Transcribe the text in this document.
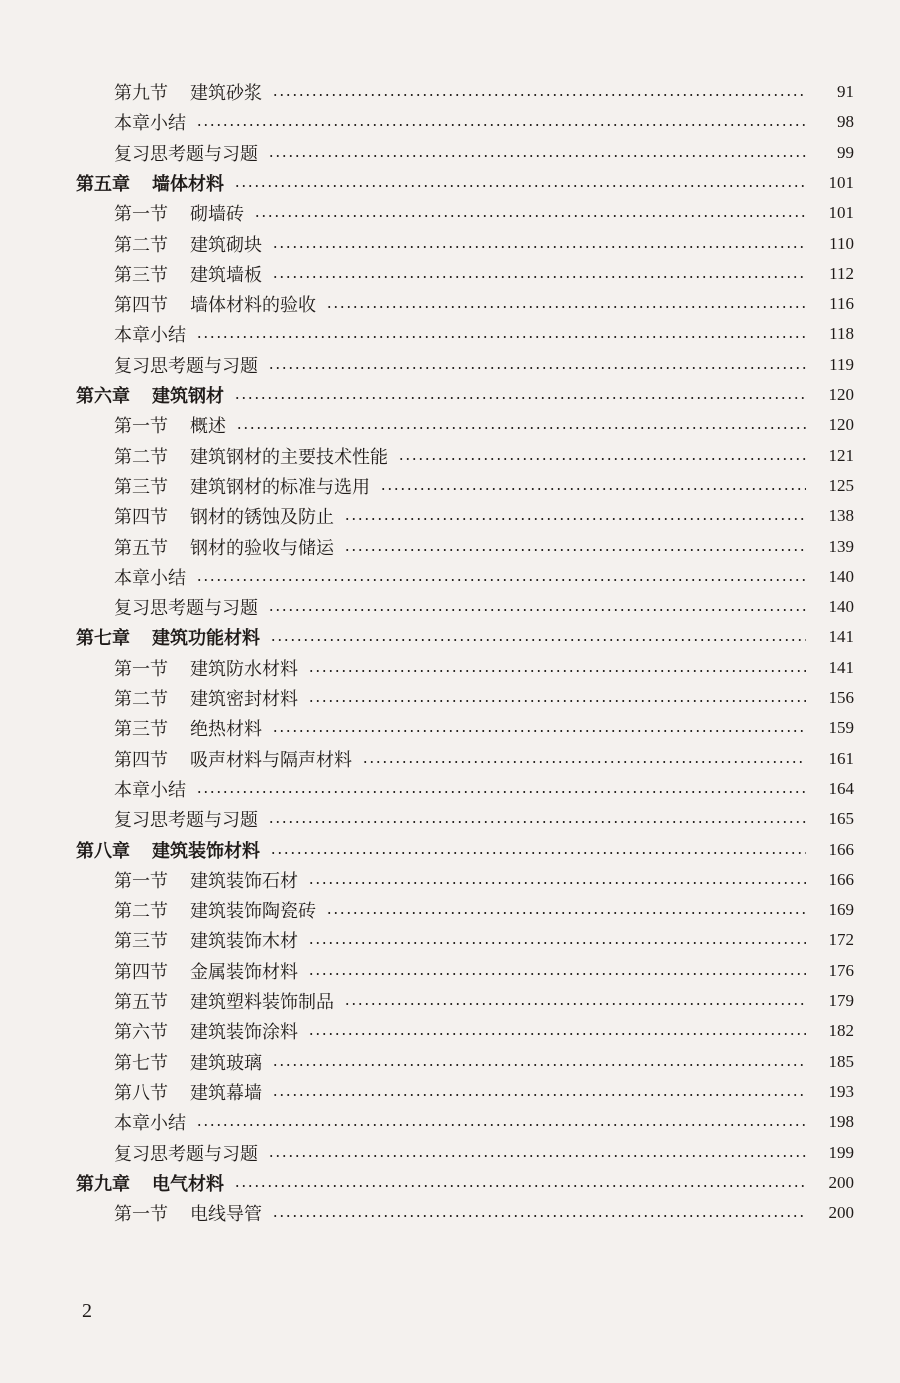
第九节 建筑砂浆	91
本章小结	98
复习思考题与习题	99
第五章 墙体材料	101
第一节 砌墙砖	101
第二节 建筑砌块	110
第三节 建筑墙板	112
第四节 墙体材料的验收	116
本章小结	118
复习思考题与习题	119
第六章 建筑钢材	120
第一节 概述	120
第二节 建筑钢材的主要技术性能	121
第三节 建筑钢材的标准与选用	125
第四节 钢材的锈蚀及防止	138
第五节 钢材的验收与储运	139
本章小结	140
复习思考题与习题	140
第七章 建筑功能材料	141
第一节 建筑防水材料	141
第二节 建筑密封材料	156
第三节 绝热材料	159
第四节 吸声材料与隔声材料	161
本章小结	164
复习思考题与习题	165
第八章 建筑装饰材料	166
第一节 建筑装饰石材	166
第二节 建筑装饰陶瓷砖	169
第三节 建筑装饰木材	172
第四节 金属装饰材料	176
第五节 建筑塑料装饰制品	179
第六节 建筑装饰涂料	182
第七节 建筑玻璃	185
第八节 建筑幕墙	193
本章小结	198
复习思考题与习题	199
第九章 电气材料	200
第一节 电线导管	200
2
